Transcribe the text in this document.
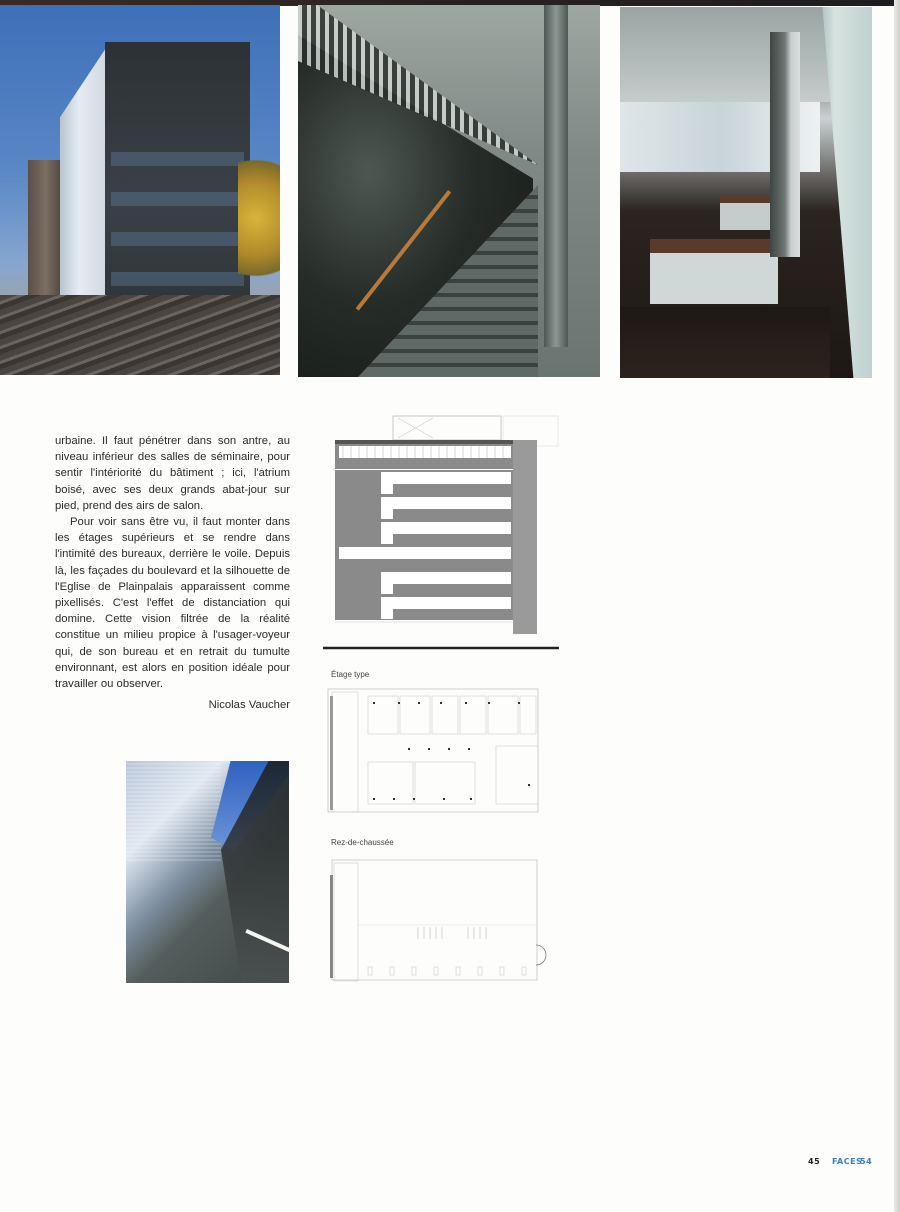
urbaine. Il faut pénétrer dans son antre, au niveau inférieur des salles de séminaire, pour sentir l'intériorité du bâtiment ; ici, l'atrium boisé, avec ses deux grands abat-jour sur pied, prend des airs de salon.

Pour voir sans être vu, il faut monter dans les étages supérieurs et se rendre dans l'intimité des bureaux, derrière le voile. Depuis là, les façades du boulevard et la silhouette de l'Eglise de Plainpalais apparaissent comme pixellisés. C'est l'effet de distanciation qui domine. Cette vision filtrée de la réalité constitue un milieu propice à l'usager-voyeur qui, de son bureau et en retrait du tumulte environnant, est alors en position idéale pour travailler ou observer.

Nicolas Vaucher
Étage type
Rez-de-chaussée
45 FACES
54
